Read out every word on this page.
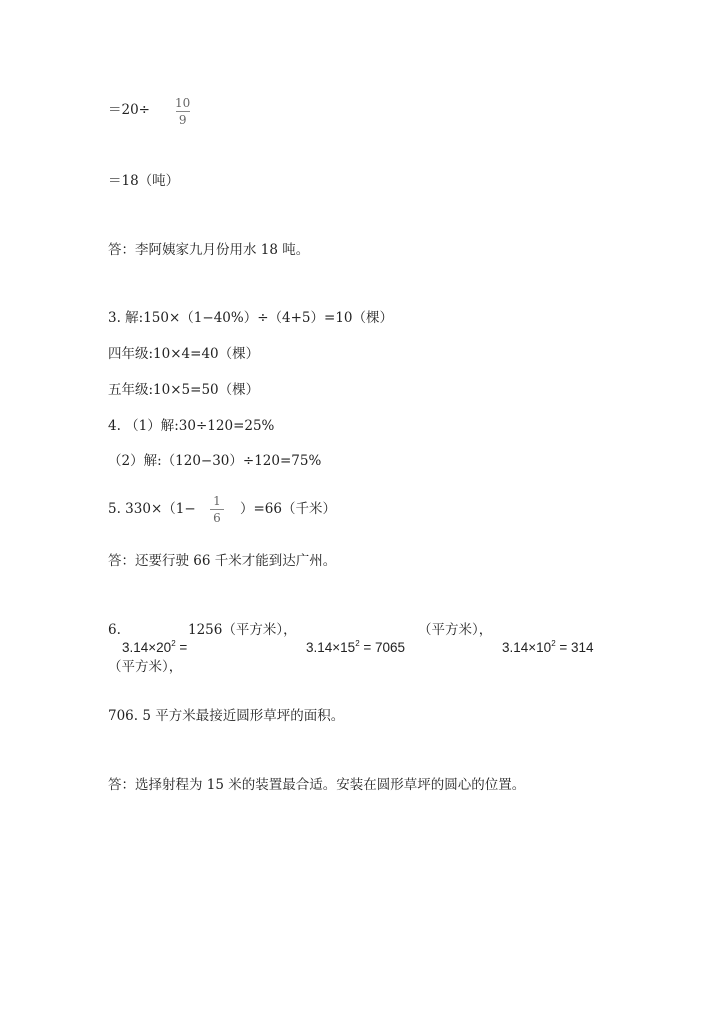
＝20÷ 10
9
＝18（吨）
答：李阿姨家九月份用水 18 吨。
3. 解:150×（1−40%）÷（4+5）=10（棵）
四年级:10×4=40（棵）
五年级:10×5=50（棵）
4. （1）解:30÷120=25%
（2）解:（120−30）÷120=75%
5. 330×（1− 1
6
）=66（千米）
答：还要行驶 66 千米才能到达广州。
6.	1256（平方米），	（平方米），
$3.14\times 20^2$ =	$3.14\times 15^2 = 7065$	$3.14\times 10^2 = 314$
（平方米），
706. 5 平方米最接近圆形草坪的面积。
答：选择射程为 15 米的装置最合适。安装在圆形草坪的圆心的位置。
